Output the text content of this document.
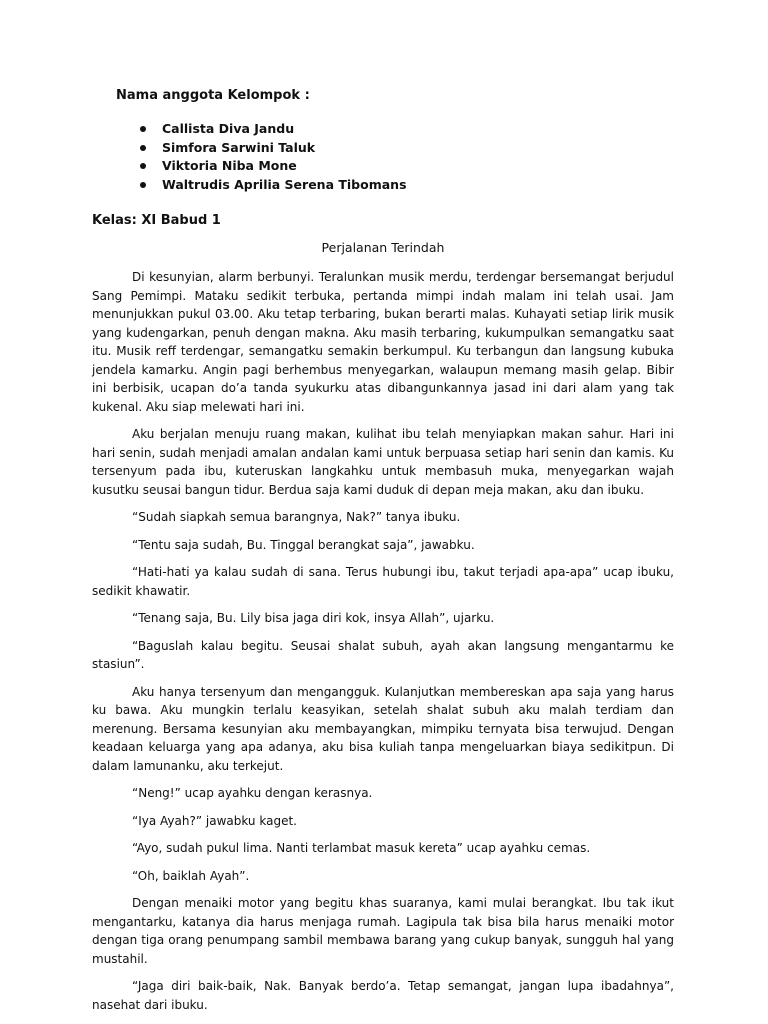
Nama anggota Kelompok :
Callista Diva Jandu
Simfora Sarwini Taluk
Viktoria Niba Mone
Waltrudis Aprilia Serena Tibomans
Kelas: XI Babud 1
Perjalanan Terindah

Di kesunyian, alarm berbunyi. Teralunkan musik merdu, terdengar bersemangat berjudul Sang Pemimpi. Mataku sedikit terbuka, pertanda mimpi indah malam ini telah usai. Jam menunjukkan pukul 03.00. Aku tetap terbaring, bukan berarti malas. Kuhayati setiap lirik musik yang kudengarkan, penuh dengan makna. Aku masih terbaring, kukumpulkan semangatku saat itu. Musik reff terdengar, semangatku semakin berkumpul. Ku terbangun dan langsung kubuka jendela kamarku. Angin pagi berhembus menyegarkan, walaupun memang masih gelap. Bibir ini berbisik, ucapan do’a tanda syukurku atas dibangunkannya jasad ini dari alam yang tak kukenal. Aku siap melewati hari ini.

Aku berjalan menuju ruang makan, kulihat ibu telah menyiapkan makan sahur. Hari ini hari senin, sudah menjadi amalan andalan kami untuk berpuasa setiap hari senin dan kamis. Ku tersenyum pada ibu, kuteruskan langkahku untuk membasuh muka, menyegarkan wajah kusutku seusai bangun tidur. Berdua saja kami duduk di depan meja makan, aku dan ibuku.

“Sudah siapkah semua barangnya, Nak?” tanya ibuku.

“Tentu saja sudah, Bu. Tinggal berangkat saja”, jawabku.

“Hati-hati ya kalau sudah di sana. Terus hubungi ibu, takut terjadi apa-apa” ucap ibuku, sedikit khawatir.

“Tenang saja, Bu. Lily bisa jaga diri kok, insya Allah”, ujarku.

“Baguslah kalau begitu. Seusai shalat subuh, ayah akan langsung mengantarmu ke stasiun”.

Aku hanya tersenyum dan mengangguk. Kulanjutkan membereskan apa saja yang harus ku bawa. Aku mungkin terlalu keasyikan, setelah shalat subuh aku malah terdiam dan merenung. Bersama kesunyian aku membayangkan, mimpiku ternyata bisa terwujud. Dengan keadaan keluarga yang apa adanya, aku bisa kuliah tanpa mengeluarkan biaya sedikitpun. Di dalam lamunanku, aku terkejut.

“Neng!” ucap ayahku dengan kerasnya.

“Iya Ayah?” jawabku kaget.

“Ayo, sudah pukul lima. Nanti terlambat masuk kereta” ucap ayahku cemas.

“Oh, baiklah Ayah”.

Dengan menaiki motor yang begitu khas suaranya, kami mulai berangkat. Ibu tak ikut mengantarku, katanya dia harus menjaga rumah. Lagipula tak bisa bila harus menaiki motor dengan tiga orang penumpang sambil membawa barang yang cukup banyak, sungguh hal yang mustahil.

“Jaga diri baik-baik, Nak. Banyak berdo’a. Tetap semangat, jangan lupa ibadahnya”, nasehat dari ibuku.
